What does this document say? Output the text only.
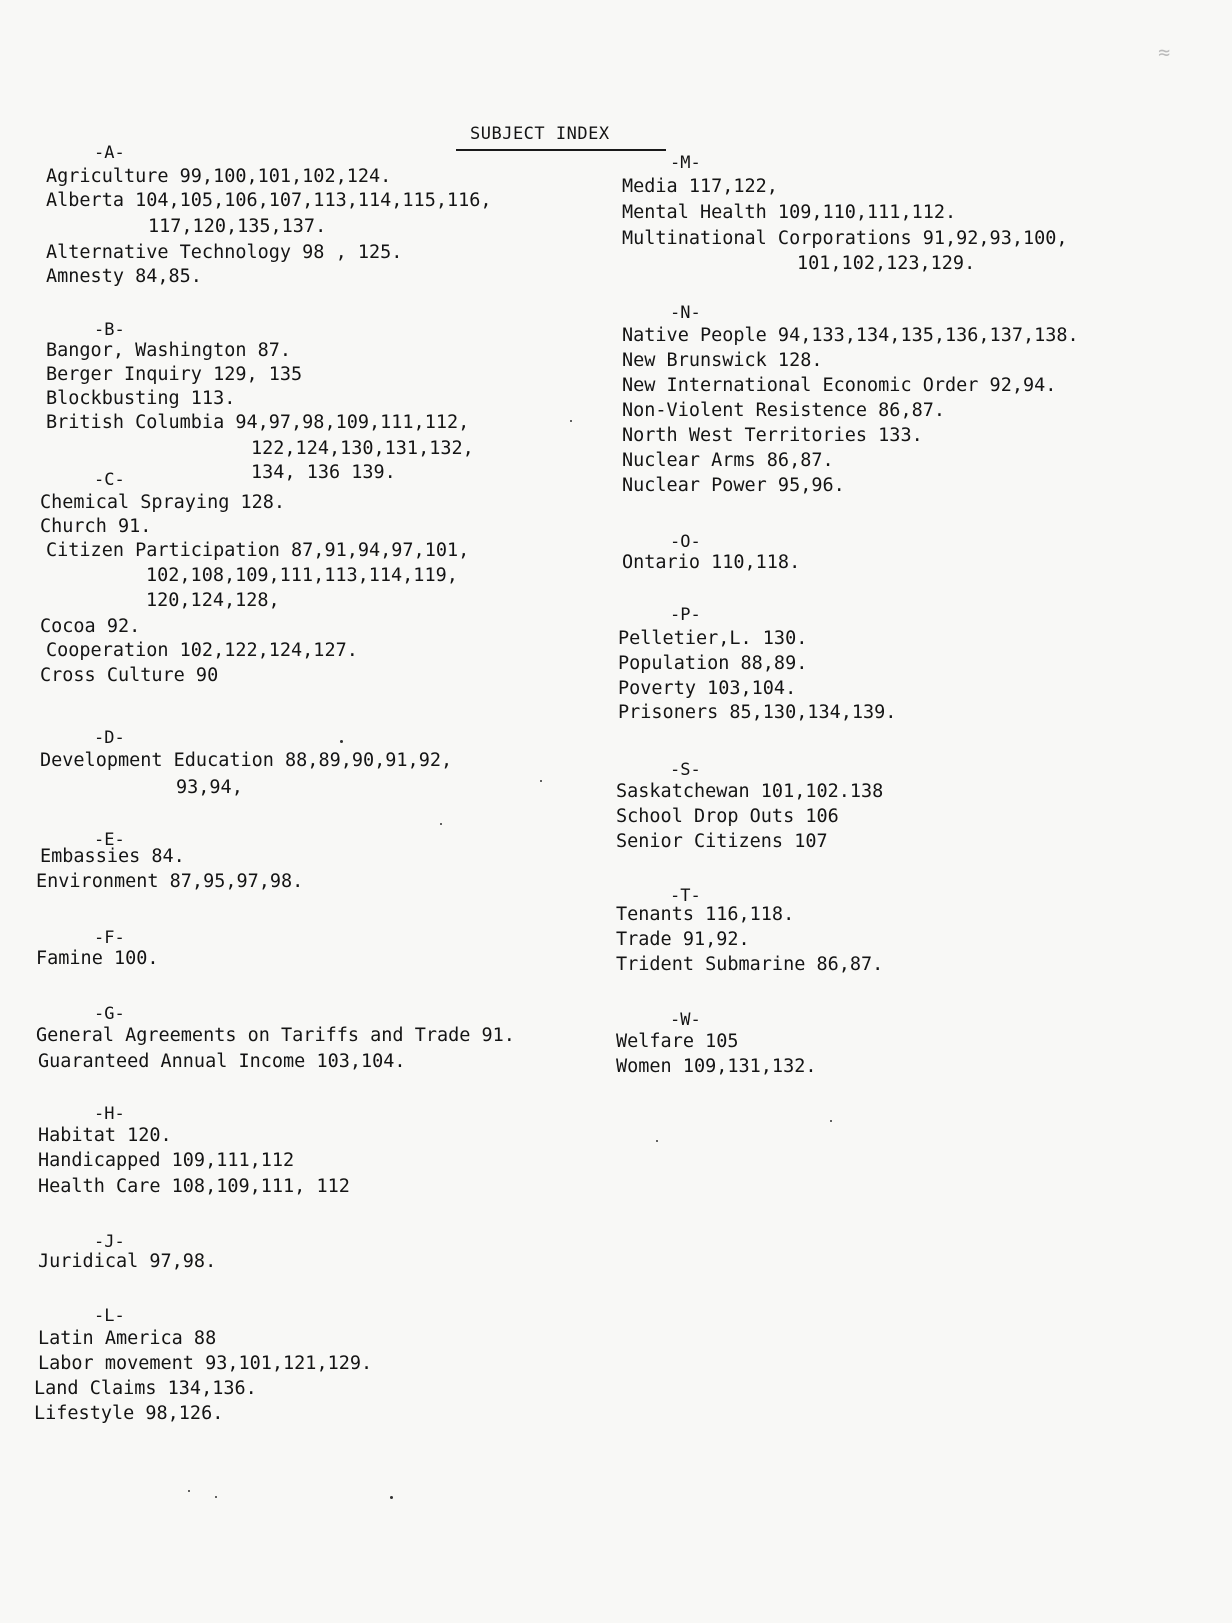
SUBJECT INDEX
-A-
Agriculture 99,100,101,102,124.
Alberta 104,105,106,107,113,114,115,116,
117,120,135,137.
Alternative Technology 98 , 125.
Amnesty 84,85.
-B-
Bangor, Washington 87.
Berger Inquiry 129, 135
Blockbusting 113.
British Columbia 94,97,98,109,111,112,
122,124,130,131,132,
134, 136 139.
-C-
Chemical Spraying 128.
Church 91.
Citizen Participation 87,91,94,97,101,
102,108,109,111,113,114,119,
120,124,128,
Cocoa 92.
Cooperation 102,122,124,127.
Cross Culture 90
-D-
Development Education 88,89,90,91,92,
93,94,
-E-
Embassies 84.
Environment 87,95,97,98.
-F-
Famine 100.
-G-
General Agreements on Tariffs and Trade 91.
Guaranteed Annual Income 103,104.
-H-
Habitat 120.
Handicapped 109,111,112
Health Care 108,109,111, 112
-J-
Juridical 97,98.
-L-
Latin America 88
Labor movement 93,101,121,129.
Land Claims 134,136.
Lifestyle 98,126.
-M-
Media 117,122,
Mental Health 109,110,111,112.
Multinational Corporations 91,92,93,100,
101,102,123,129.
-N-
Native People 94,133,134,135,136,137,138.
New Brunswick 128.
New International Economic Order 92,94.
Non-Violent Resistence 86,87.
North West Territories 133.
Nuclear Arms 86,87.
Nuclear Power 95,96.
-O-
Ontario 110,118.
-P-
Pelletier,L. 130.
Population 88,89.
Poverty 103,104.
Prisoners 85,130,134,139.
-S-
Saskatchewan 101,102.138
School Drop Outs 106
Senior Citizens 107
-T-
Tenants 116,118.
Trade 91,92.
Trident Submarine 86,87.
-W-
Welfare 105
Women 109,131,132.
≈
